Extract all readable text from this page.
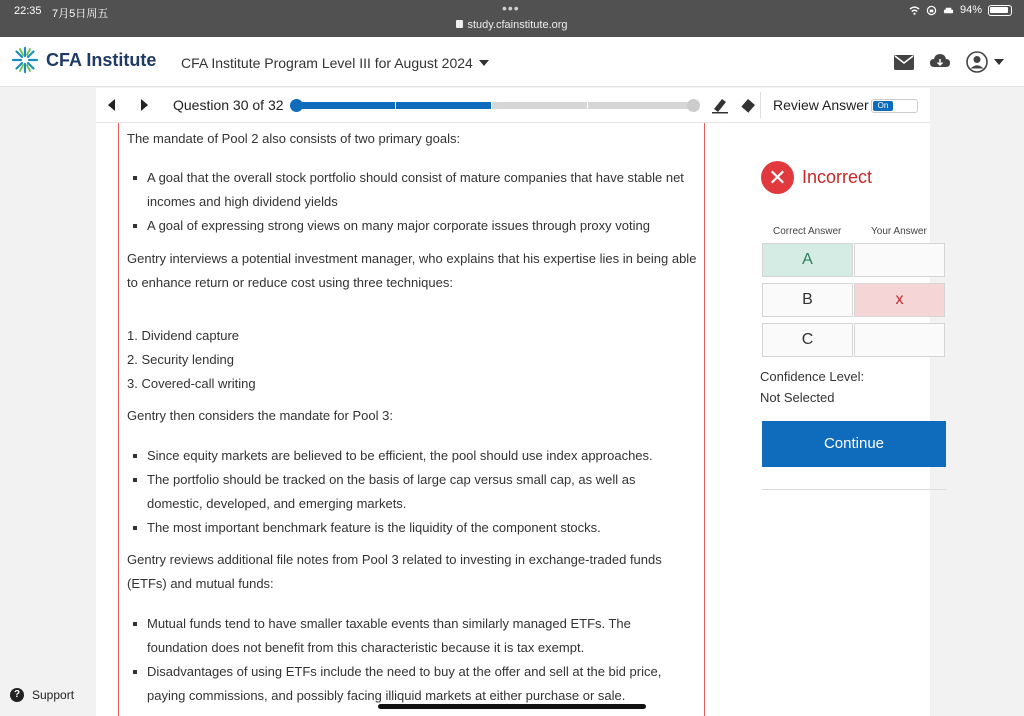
22:35 7月5日周五	•••
study.cfainstitute.org
94%
CFA Institute CFA Institute Program Level III for August 2024
Question 30 of 32	Review Answer	On
The mandate of Pool 2 also consists of two primary goals:
A goal that the overall stock portfolio should consist of mature companies that have stable net incomes and high dividend yields
A goal of expressing strong views on many major corporate issues through proxy voting
Gentry interviews a potential investment manager, who explains that his expertise lies in being able to enhance return or reduce cost using three techniques:
1. Dividend capture
2. Security lending
3. Covered-call writing
Gentry then considers the mandate for Pool 3:
Since equity markets are believed to be efficient, the pool should use index approaches.
The portfolio should be tracked on the basis of large cap versus small cap, as well as domestic, developed, and emerging markets.
The most important benchmark feature is the liquidity of the component stocks.
Gentry reviews additional file notes from Pool 3 related to investing in exchange-traded funds (ETFs) and mutual funds:
Mutual funds tend to have smaller taxable events than similarly managed ETFs. The foundation does not benefit from this characteristic because it is tax exempt.
Disadvantages of using ETFs include the need to buy at the offer and sell at the bid price, paying commissions, and possibly facing illiquid markets at either purchase or sale.
✕ Incorrect
Correct Answer	Your Answer
A
B	x
C
Confidence Level:
Not Selected
Continue
? Support
